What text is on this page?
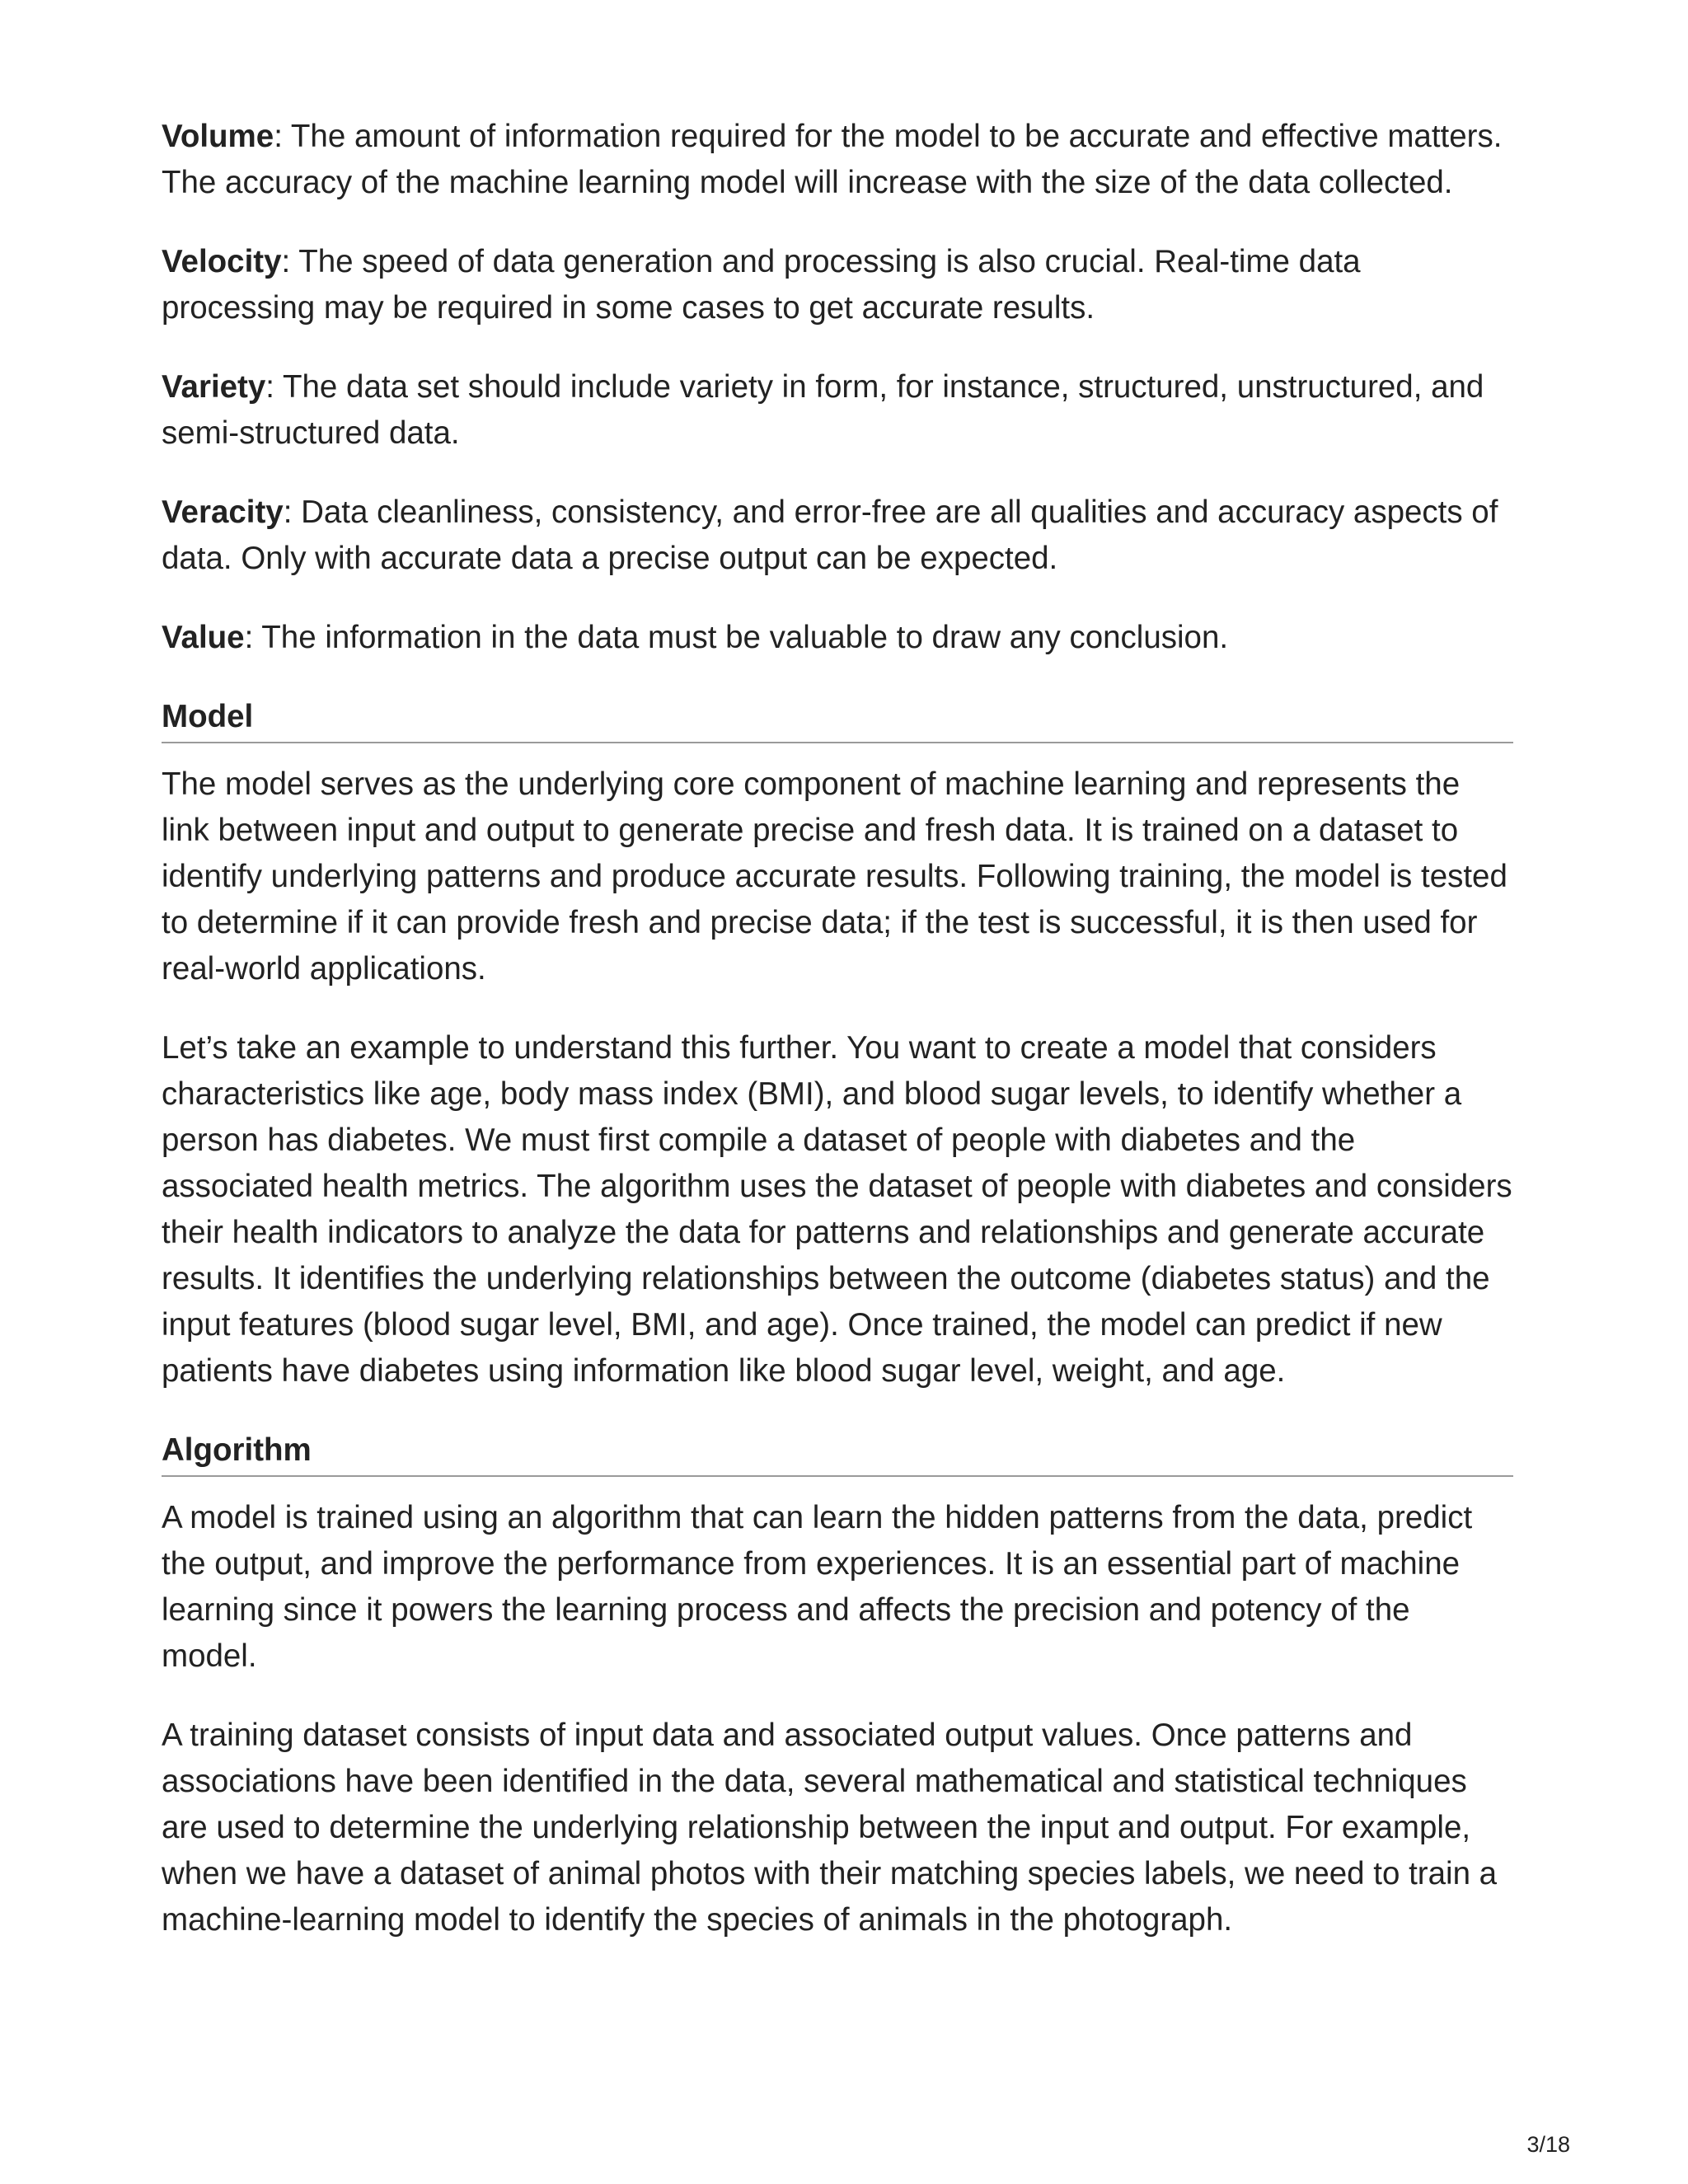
Volume: The amount of information required for the model to be accurate and effective matters. The accuracy of the machine learning model will increase with the size of the data collected.

Velocity: The speed of data generation and processing is also crucial. Real-time data processing may be required in some cases to get accurate results.

Variety: The data set should include variety in form, for instance, structured, unstructured, and semi-structured data.

Veracity: Data cleanliness, consistency, and error-free are all qualities and accuracy aspects of data. Only with accurate data a precise output can be expected.

Value: The information in the data must be valuable to draw any conclusion.

Model

The model serves as the underlying core component of machine learning and represents the link between input and output to generate precise and fresh data. It is trained on a dataset to identify underlying patterns and produce accurate results. Following training, the model is tested to determine if it can provide fresh and precise data; if the test is successful, it is then used for real-world applications.

Let’s take an example to understand this further. You want to create a model that considers characteristics like age, body mass index (BMI), and blood sugar levels, to identify whether a person has diabetes. We must first compile a dataset of people with diabetes and the associated health metrics. The algorithm uses the dataset of people with diabetes and considers their health indicators to analyze the data for patterns and relationships and generate accurate results. It identifies the underlying relationships between the outcome (diabetes status) and the input features (blood sugar level, BMI, and age). Once trained, the model can predict if new patients have diabetes using information like blood sugar level, weight, and age.

Algorithm

A model is trained using an algorithm that can learn the hidden patterns from the data, predict the output, and improve the performance from experiences. It is an essential part of machine learning since it powers the learning process and affects the precision and potency of the model.

A training dataset consists of input data and associated output values. Once patterns and associations have been identified in the data, several mathematical and statistical techniques are used to determine the underlying relationship between the input and output. For example, when we have a dataset of animal photos with their matching species labels, we need to train a machine-learning model to identify the species of animals in the photograph.

3/18
